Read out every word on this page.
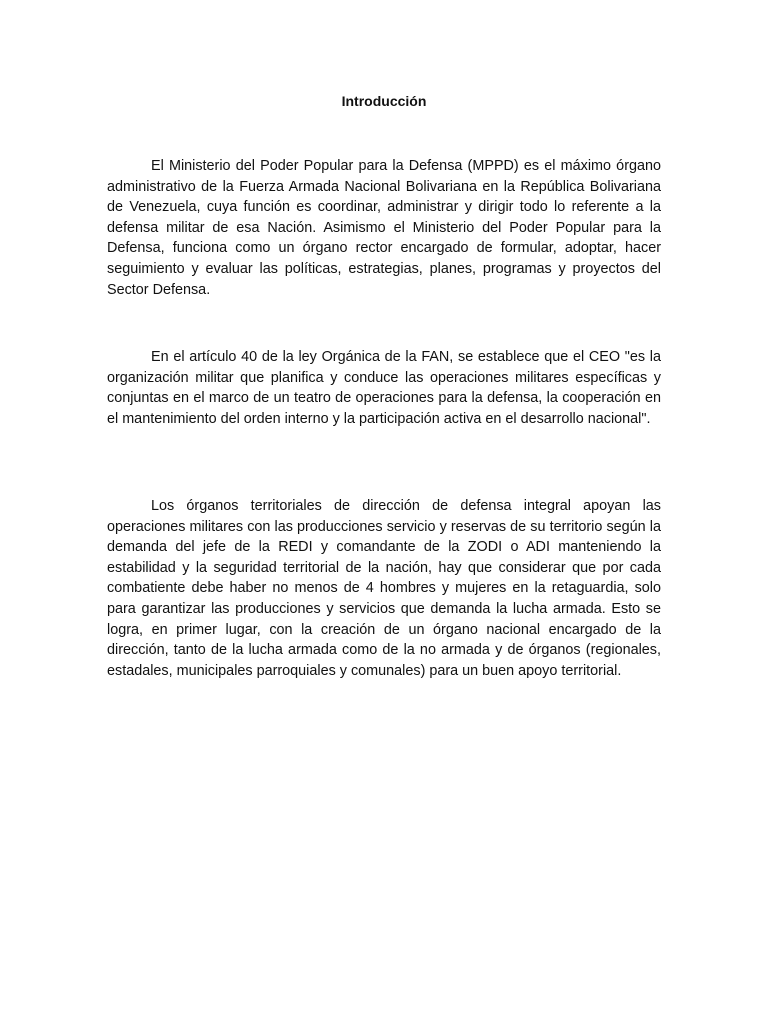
Introducción

El Ministerio del Poder Popular para la Defensa (MPPD) es el máximo órgano administrativo de la Fuerza Armada Nacional Bolivariana en la República Bolivariana de Venezuela, cuya función es coordinar, administrar y dirigir todo lo referente a la defensa militar de esa Nación. Asimismo el Ministerio del Poder Popular para la Defensa, funciona como un órgano rector encargado de formular, adoptar, hacer seguimiento y evaluar las políticas, estrategias, planes, programas y proyectos del Sector Defensa.

En el artículo 40 de la ley Orgánica de la FAN, se establece que el CEO "es la organización militar que planifica y conduce las operaciones militares específicas y conjuntas en el marco de un teatro de operaciones para la defensa, la cooperación en el mantenimiento del orden interno y la participación activa en el desarrollo nacional".

Los órganos territoriales de dirección de defensa integral apoyan las operaciones militares con las producciones servicio y reservas de su territorio según la demanda del jefe de la REDI y comandante de la ZODI o ADI manteniendo la estabilidad y la seguridad territorial de la nación, hay que considerar que por cada combatiente debe haber no menos de 4 hombres y mujeres en la retaguardia, solo para garantizar las producciones y servicios que demanda la lucha armada. Esto se logra, en primer lugar, con la creación de un órgano nacional encargado de la dirección, tanto de la lucha armada como de la no armada y de órganos (regionales, estadales, municipales parroquiales y comunales) para un buen apoyo territorial.
